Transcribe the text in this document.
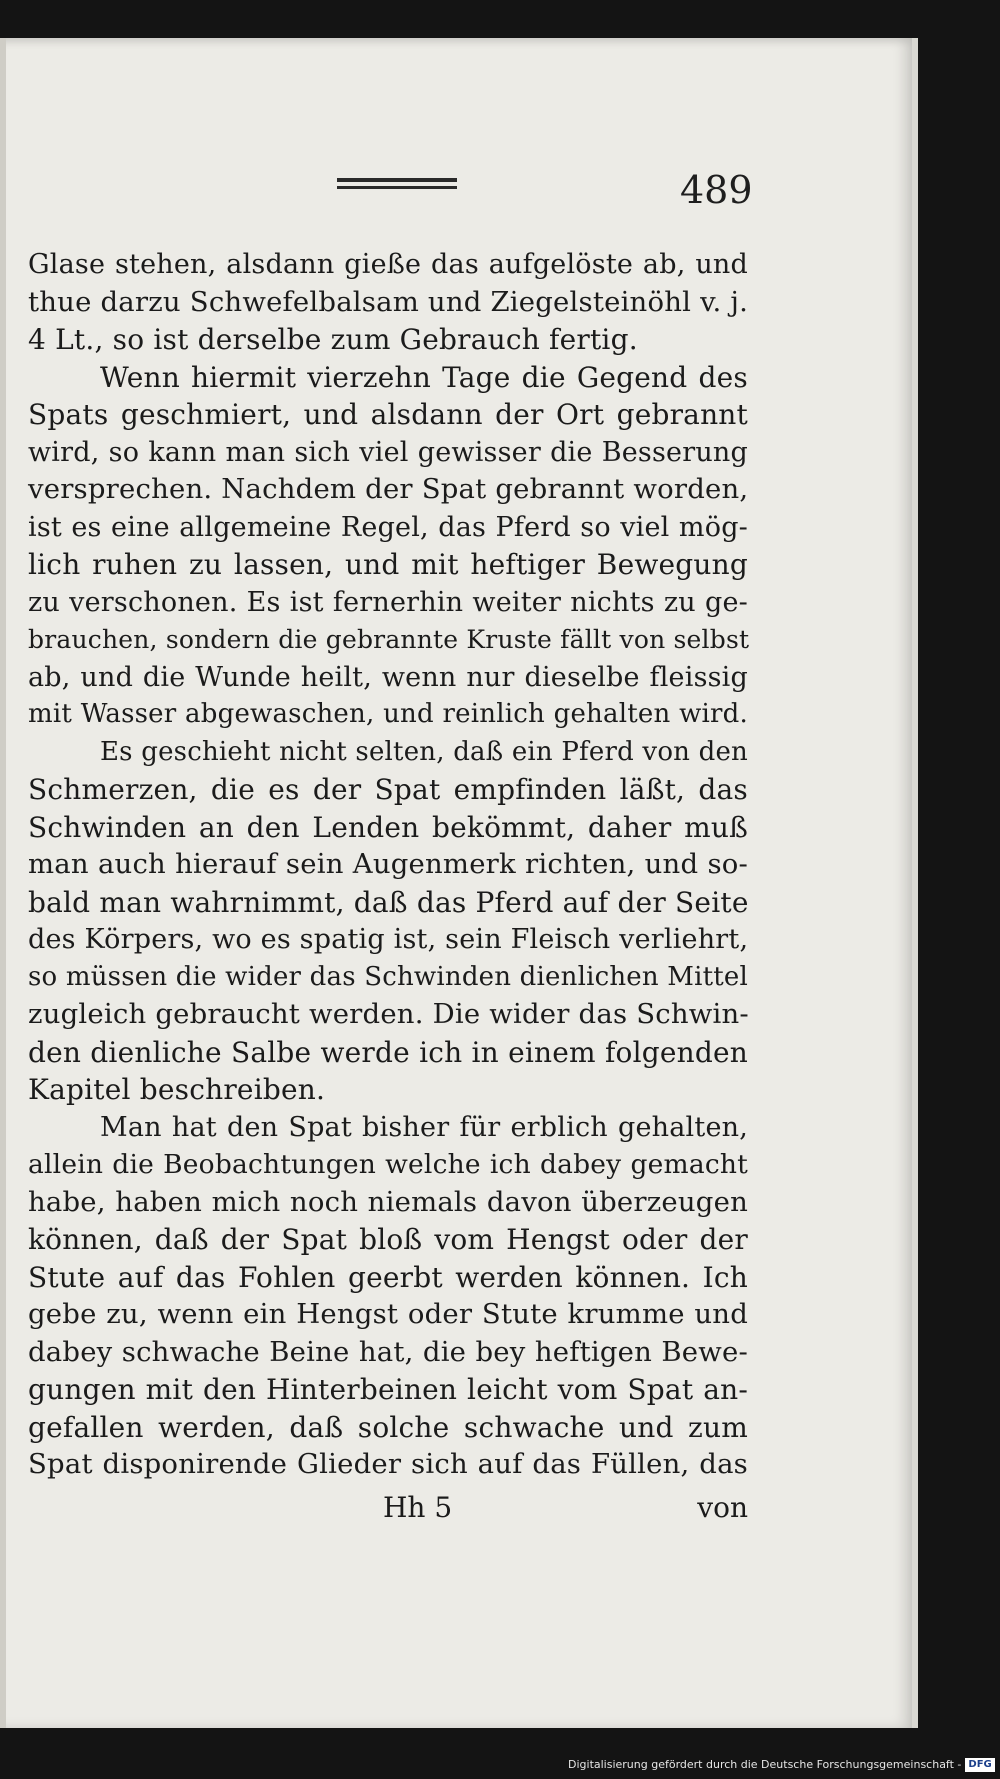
489
Glase stehen, alsdann gieße das aufgelöste ab, und
thue darzu Schwefelbalsam und Ziegelsteinöhl v. j.
4 Lt., so ist derselbe zum Gebrauch fertig.
Wenn hiermit vierzehn Tage die Gegend des
Spats geschmiert, und alsdann der Ort gebrannt
wird, so kann man sich viel gewisser die Besserung
versprechen. Nachdem der Spat gebrannt worden,
ist es eine allgemeine Regel, das Pferd so viel mög-
lich ruhen zu lassen, und mit heftiger Bewegung
zu verschonen. Es ist fernerhin weiter nichts zu ge-
brauchen, sondern die gebrannte Kruste fällt von selbst
ab, und die Wunde heilt, wenn nur dieselbe fleissig
mit Wasser abgewaschen, und reinlich gehalten wird.
Es geschieht nicht selten, daß ein Pferd von den
Schmerzen, die es der Spat empfinden läßt, das
Schwinden an den Lenden bekömmt, daher muß
man auch hierauf sein Augenmerk richten, und so-
bald man wahrnimmt, daß das Pferd auf der Seite
des Körpers, wo es spatig ist, sein Fleisch verliehrt,
so müssen die wider das Schwinden dienlichen Mittel
zugleich gebraucht werden. Die wider das Schwin-
den dienliche Salbe werde ich in einem folgenden
Kapitel beschreiben.
Man hat den Spat bisher für erblich gehalten,
allein die Beobachtungen welche ich dabey gemacht
habe, haben mich noch niemals davon überzeugen
können, daß der Spat bloß vom Hengst oder der
Stute auf das Fohlen geerbt werden können. Ich
gebe zu, wenn ein Hengst oder Stute krumme und
dabey schwache Beine hat, die bey heftigen Bewe-
gungen mit den Hinterbeinen leicht vom Spat an-
gefallen werden, daß solche schwache und zum
Spat disponirende Glieder sich auf das Füllen, das
Hh 5	von
Digitalisierung gefördert durch die Deutsche Forschungsgemeinschaft - DFG
